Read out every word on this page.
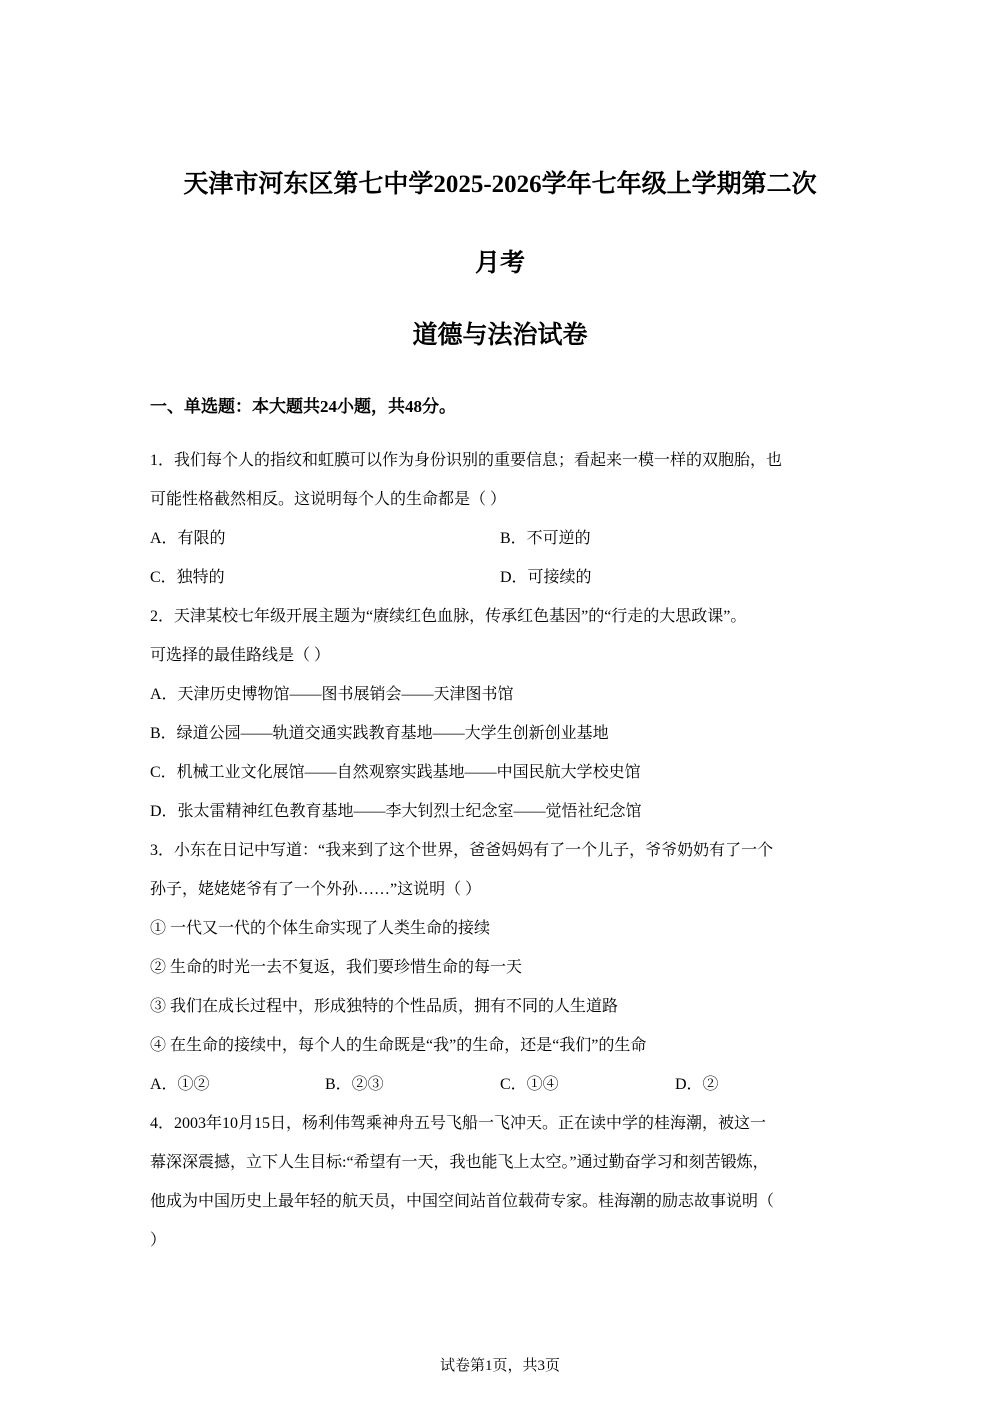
天津市河东区第七中学2025-2026学年七年级上学期第二次
月考
道德与法治试卷
一、单选题：本大题共24小题，共48分。
1．我们每个人的指纹和虹膜可以作为身份识别的重要信息；看起来一模一样的双胞胎，也
可能性格截然相反。这说明每个人的生命都是（ ）
A．有限的	B．不可逆的
C．独特的	D．可接续的
2．天津某校七年级开展主题为“赓续红色血脉，传承红色基因”的“行走的大思政课”。
可选择的最佳路线是（ ）
A．天津历史博物馆——图书展销会——天津图书馆
B．绿道公园——轨道交通实践教育基地——大学生创新创业基地
C．机械工业文化展馆——自然观察实践基地——中国民航大学校史馆
D．张太雷精神红色教育基地——李大钊烈士纪念室——觉悟社纪念馆
3．小东在日记中写道：“我来到了这个世界，爸爸妈妈有了一个儿子，爷爷奶奶有了一个
孙子，姥姥姥爷有了一个外孙……”这说明（ ）
① 一代又一代的个体生命实现了人类生命的接续
② 生命的时光一去不复返，我们要珍惜生命的每一天
③ 我们在成长过程中，形成独特的个性品质，拥有不同的人生道路
④ 在生命的接续中，每个人的生命既是“我”的生命，还是“我们”的生命
A．①②	B．②③	C．①④	D．②
4．2003年10月15日，杨利伟驾乘神舟五号飞船一飞冲天。正在读中学的桂海潮，被这一
幕深深震撼，立下人生目标:“希望有一天，我也能飞上太空。”通过勤奋学习和刻苦锻炼，
他成为中国历史上最年轻的航天员，中国空间站首位载荷专家。桂海潮的励志故事说明（
）
试卷第1页，共3页
